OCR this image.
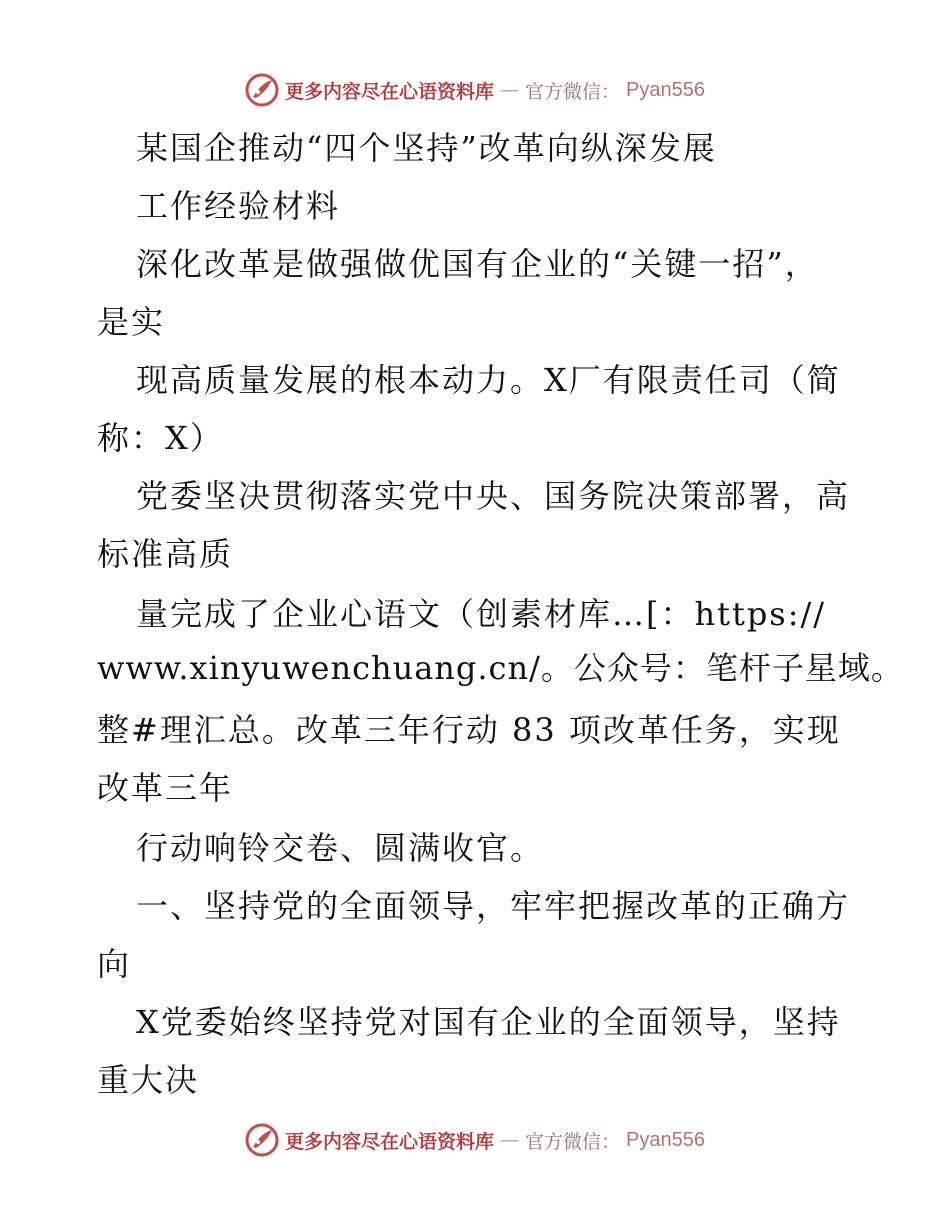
更多内容尽在心语资料库 — 官方微信： Pyan556
某国企推动“四个坚持”改革向纵深发展
工作经验材料
深化改革是做强做优国有企业的“关键一招”，
是实
现高质量发展的根本动力。X厂有限责任司（简
称：X）
党委坚决贯彻落实党中央、国务院决策部署，高
标准高质
量完成了企业心语文（创素材库…[：https://
www.xinyuwenchuang.cn/。公众号：笔杆子星域。
整#理汇总。改革三年行动 83 项改革任务，实现
改革三年
行动响铃交卷、圆满收官。
一、坚持党的全面领导，牢牢把握改革的正确方
向
X党委始终坚持党对国有企业的全面领导，坚持
重大决
更多内容尽在心语资料库 — 官方微信： Pyan556
